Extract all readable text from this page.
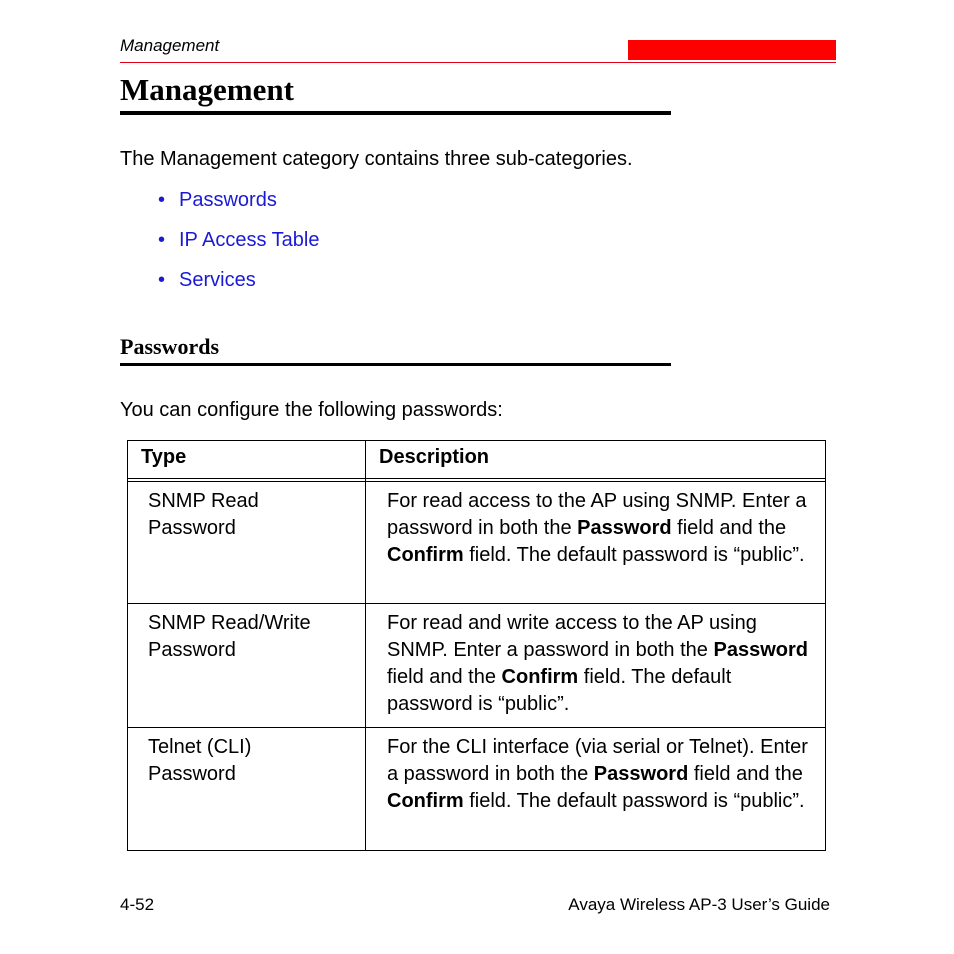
Management
Management

The Management category contains three sub-categories.

• Passwords
• IP Access Table
• Services
Passwords

You can configure the following passwords:

Type	Description
SNMP Read
Password
For read access to the AP using SNMP. Enter a password in both the Password field and the Confirm field. The default password is “public”.
SNMP Read/Write
Password
For read and write access to the AP using SNMP. Enter a password in both the Password field and the Confirm field. The default password is “public”.
Telnet (CLI)
Password
For the CLI interface (via serial or Telnet). Enter a password in both the Password field and the Confirm field. The default password is “public”.
4-52	Avaya Wireless AP-3 User’s Guide
